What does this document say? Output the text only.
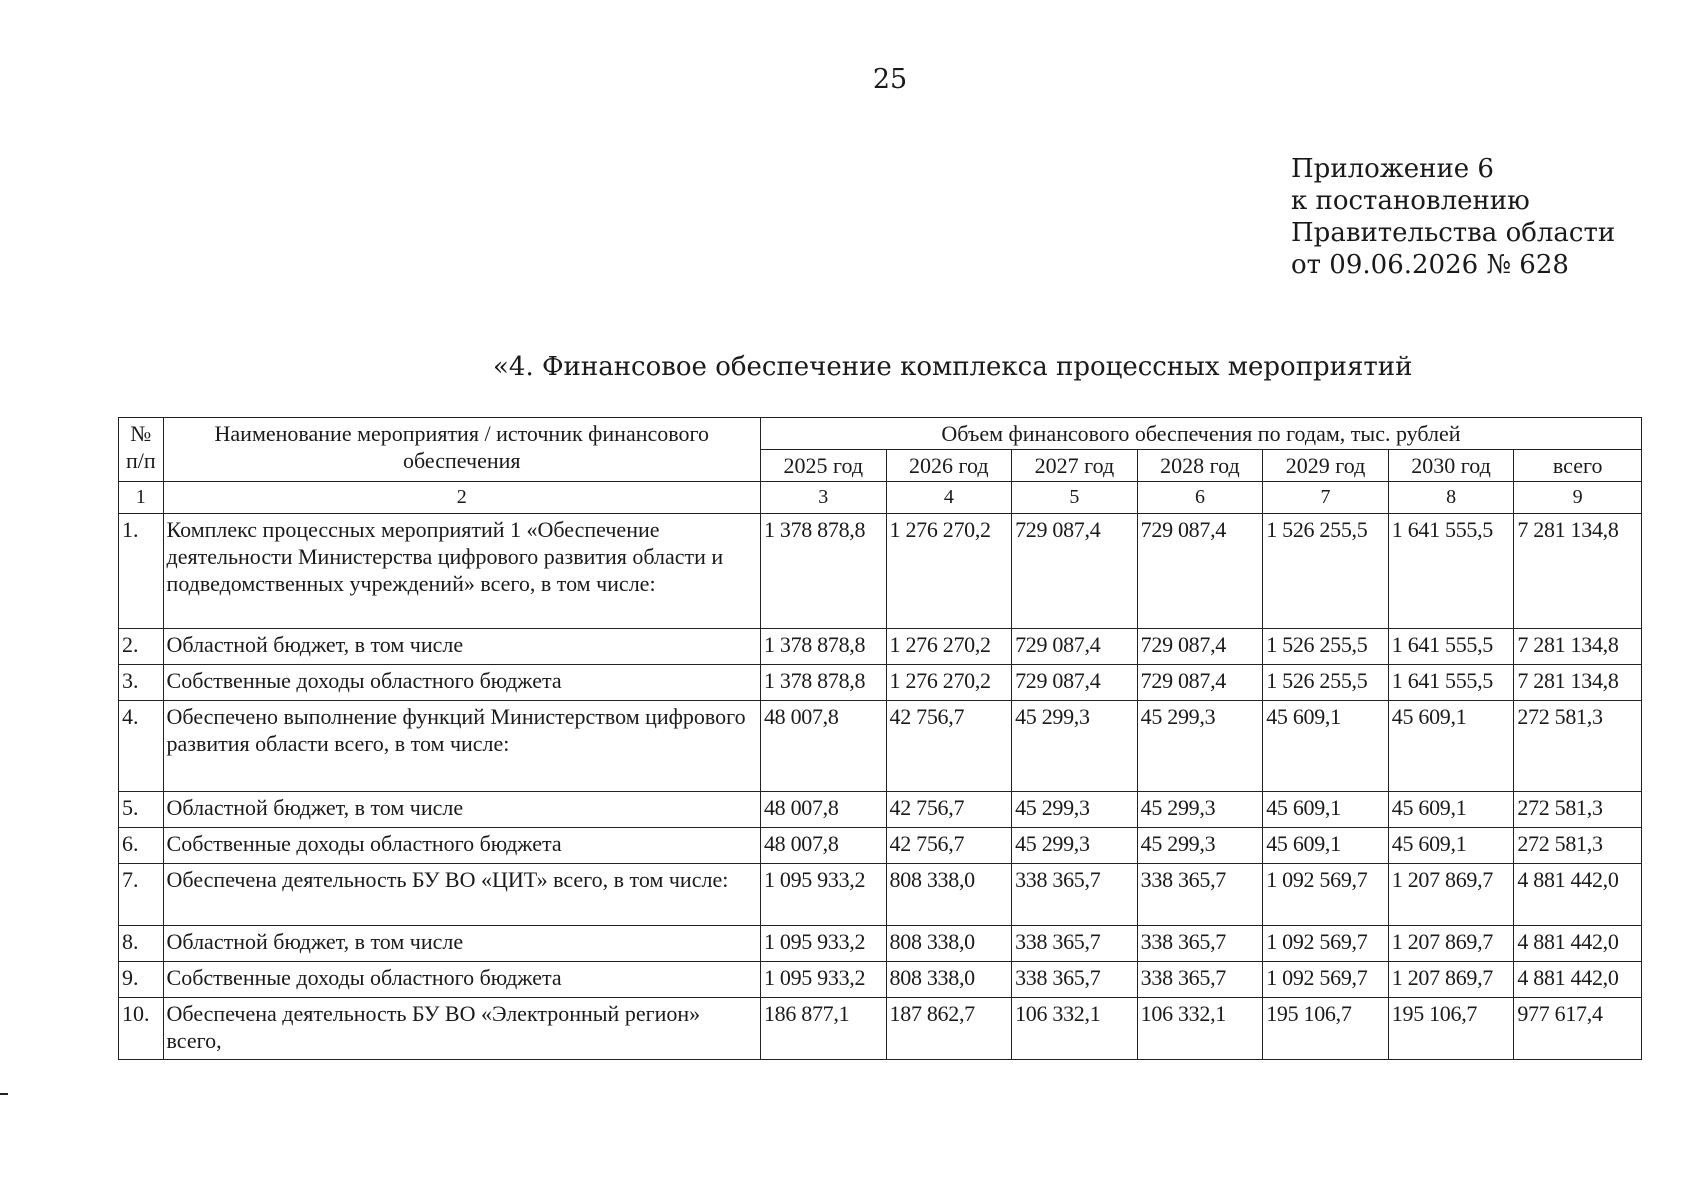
25
Приложение 6
к постановлению
Правительства области
от 09.06.2026 № 628
«4. Финансовое обеспечение комплекса процессных мероприятий
№ п/п	Наименование мероприятия / источник финансового обеспечения	Объем финансового обеспечения по годам, тыс. рублей						
		2025 год	2026 год	2027 год	2028 год	2029 год	2030 год	всего
1	2	3	4	5	6	7	8	9
1.	Комплекс процессных мероприятий 1 «Обеспечение деятельности Министерства цифрового развития области и подведомственных учреждений» всего, в том числе:	1 378 878,8	1 276 270,2	729 087,4	729 087,4	1 526 255,5	1 641 555,5	7 281 134,8
2.	Областной бюджет, в том числе	1 378 878,8	1 276 270,2	729 087,4	729 087,4	1 526 255,5	1 641 555,5	7 281 134,8
3.	Собственные доходы областного бюджета	1 378 878,8	1 276 270,2	729 087,4	729 087,4	1 526 255,5	1 641 555,5	7 281 134,8
4.	Обеспечено выполнение функций Министерством цифрового развития области всего, в том числе:	48 007,8	42 756,7	45 299,3	45 299,3	45 609,1	45 609,1	272 581,3
5.	Областной бюджет, в том числе	48 007,8	42 756,7	45 299,3	45 299,3	45 609,1	45 609,1	272 581,3
6.	Собственные доходы областного бюджета	48 007,8	42 756,7	45 299,3	45 299,3	45 609,1	45 609,1	272 581,3
7.	Обеспечена деятельность БУ ВО «ЦИТ» всего, в том числе:	1 095 933,2	808 338,0	338 365,7	338 365,7	1 092 569,7	1 207 869,7	4 881 442,0
8.	Областной бюджет, в том числе	1 095 933,2	808 338,0	338 365,7	338 365,7	1 092 569,7	1 207 869,7	4 881 442,0
9.	Собственные доходы областного бюджета	1 095 933,2	808 338,0	338 365,7	338 365,7	1 092 569,7	1 207 869,7	4 881 442,0
10.	Обеспечена деятельность БУ ВО «Электронный регион» всего,	186 877,1	187 862,7	106 332,1	106 332,1	195 106,7	195 106,7	977 617,4
